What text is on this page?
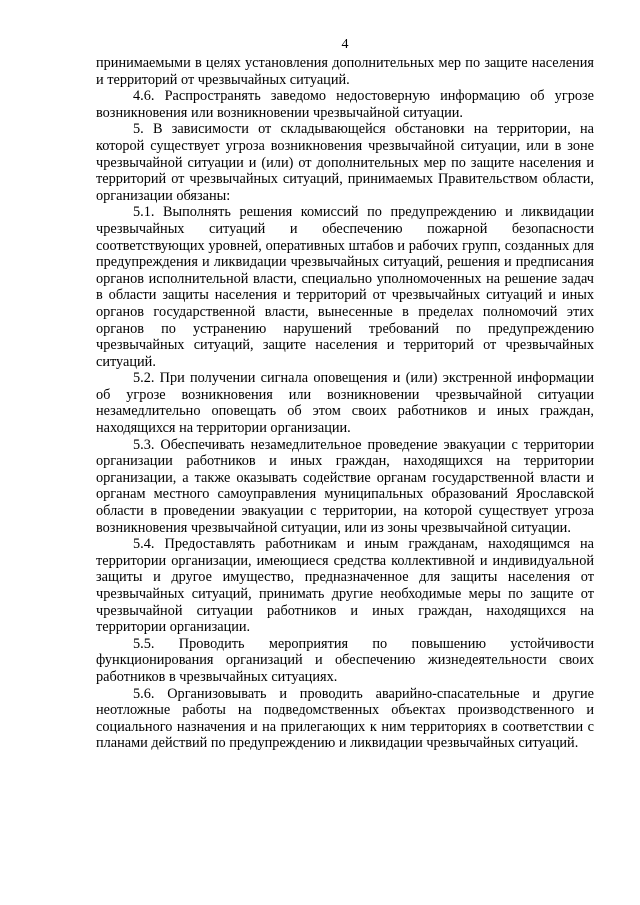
4

принимаемыми в целях установления дополнительных мер по защите населения и территорий от чрезвычайных ситуаций.

4.6. Распространять заведомо недостоверную информацию об угрозе возникновения или возникновении чрезвычайной ситуации.

5. В зависимости от складывающейся обстановки на территории, на которой существует угроза возникновения чрезвычайной ситуации, или в зоне чрезвычайной ситуации и (или) от дополнительных мер по защите населения и территорий от чрезвычайных ситуаций, принимаемых Правительством области, организации обязаны:

5.1. Выполнять решения комиссий по предупреждению и ликвидации чрезвычайных ситуаций и обеспечению пожарной безопасности соответствующих уровней, оперативных штабов и рабочих групп, созданных для предупреждения и ликвидации чрезвычайных ситуаций, решения и предписания органов исполнительной власти, специально уполномоченных на решение задач в области защиты населения и территорий от чрезвычайных ситуаций и иных органов государственной власти, вынесенные в пределах полномочий этих органов по устранению нарушений требований по предупреждению чрезвычайных ситуаций, защите населения и территорий от чрезвычайных ситуаций.

5.2. При получении сигнала оповещения и (или) экстренной информации об угрозе возникновения или возникновении чрезвычайной ситуации незамедлительно оповещать об этом своих работников и иных граждан, находящихся на территории организации.

5.3. Обеспечивать незамедлительное проведение эвакуации с территории организации работников и иных граждан, находящихся на территории организации, а также оказывать содействие органам государственной власти и органам местного самоуправления муниципальных образований Ярославской области в проведении эвакуации с территории, на которой существует угроза возникновения чрезвычайной ситуации, или из зоны чрезвычайной ситуации.

5.4. Предоставлять работникам и иным гражданам, находящимся на территории организации, имеющиеся средства коллективной и индивидуальной защиты и другое имущество, предназначенное для защиты населения от чрезвычайных ситуаций, принимать другие необходимые меры по защите от чрезвычайной ситуации работников и иных граждан, находящихся на территории организации.

5.5. Проводить мероприятия по повышению устойчивости функционирования организаций и обеспечению жизнедеятельности своих работников в чрезвычайных ситуациях.

5.6. Организовывать и проводить аварийно-спасательные и другие неотложные работы на подведомственных объектах производственного и социального назначения и на прилегающих к ним территориях в соответствии с планами действий по предупреждению и ликвидации чрезвычайных ситуаций.
